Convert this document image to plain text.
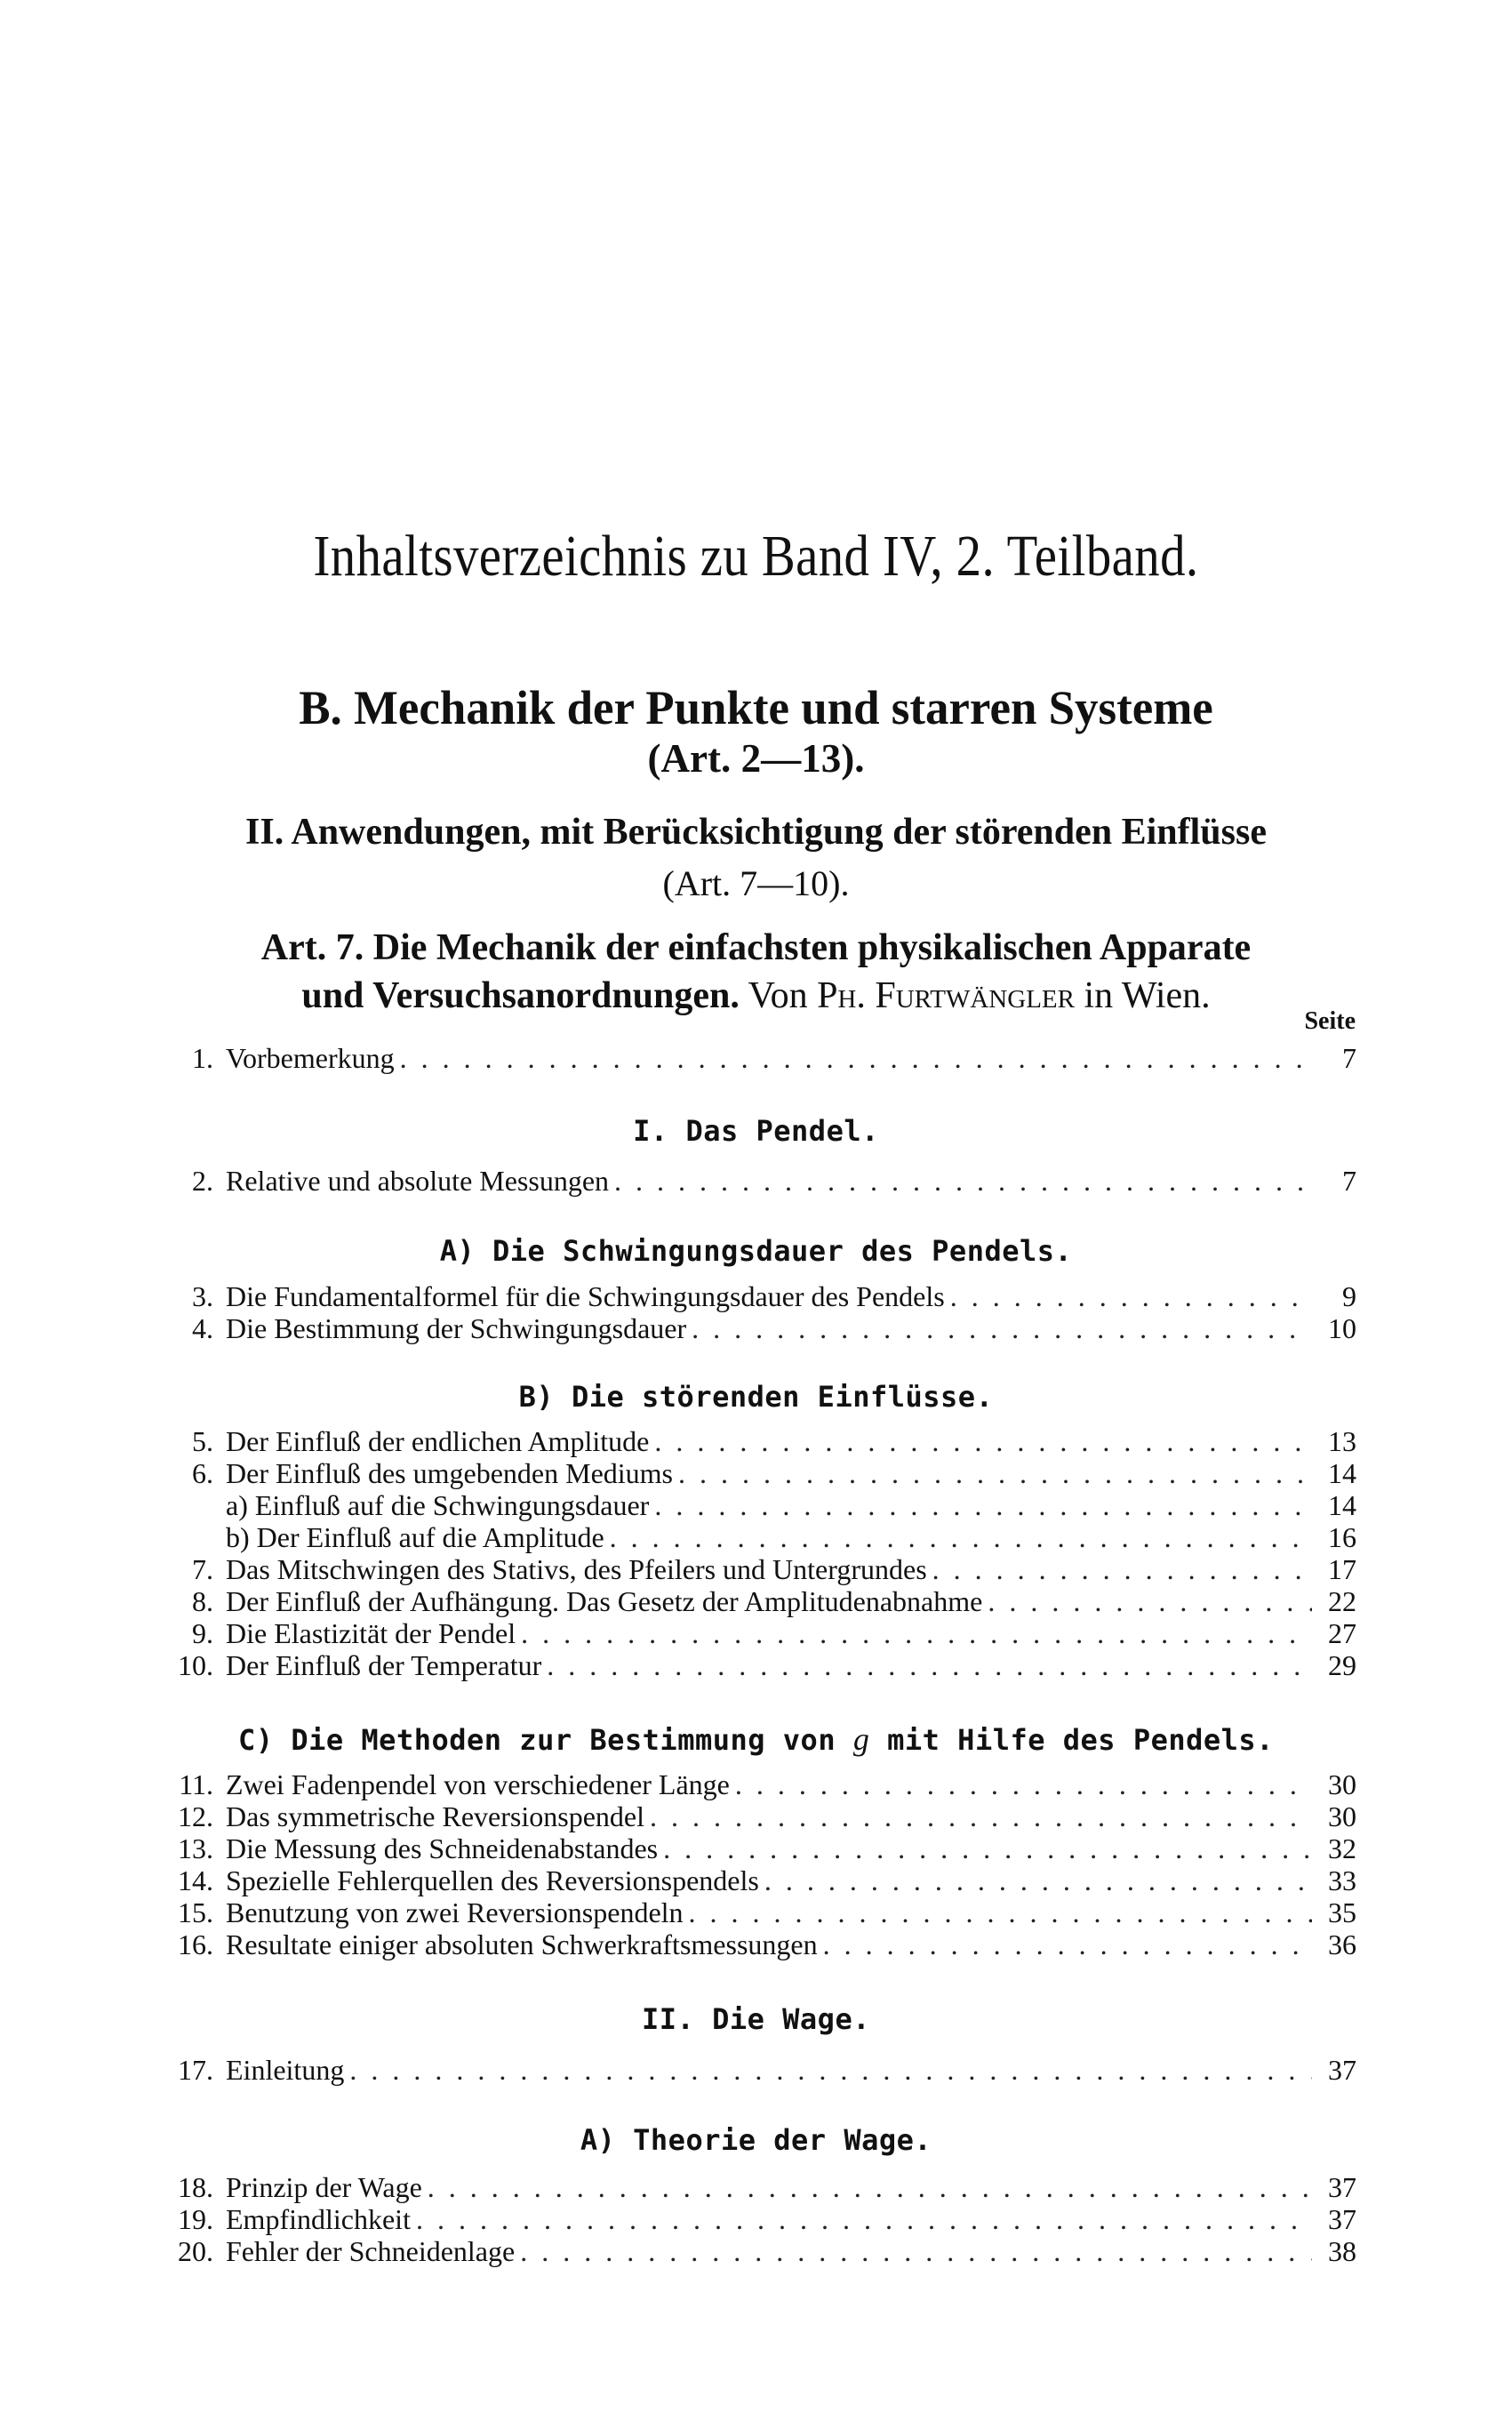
Inhaltsverzeichnis zu Band IV, 2. Teilband.
B. Mechanik der Punkte und starren Systeme
(Art. 2—13).
II. Anwendungen, mit Berücksichtigung der störenden Einflüsse
(Art. 7—10).
Art. 7. Die Mechanik der einfachsten physikalischen Apparate
und Versuchsanordnungen. Von Ph. Furtwängler in Wien.
Seite
1. Vorbemerkung . . .	7
I. Das Pendel.
2. Relative und absolute Messungen . . .	7
A) Die Schwingungsdauer des Pendels.
3. Die Fundamentalformel für die Schwingungsdauer des Pendels . . .	9
4. Die Bestimmung der Schwingungsdauer . . .	10
B) Die störenden Einflüsse.
5. Der Einfluß der endlichen Amplitude . . .	13
6. Der Einfluß des umgebenden Mediums . . .	14
a) Einfluß auf die Schwingungsdauer . . .	14
b) Der Einfluß auf die Amplitude . . .	16
7. Das Mitschwingen des Stativs, des Pfeilers und Untergrundes . . .	17
8. Der Einfluß der Aufhängung. Das Gesetz der Amplitudenabnahme . . .	22
9. Die Elastizität der Pendel . . .	27
10. Der Einfluß der Temperatur . . .	29
C) Die Methoden zur Bestimmung von g mit Hilfe des Pendels.
11. Zwei Fadenpendel von verschiedener Länge . . .	30
12. Das symmetrische Reversionspendel . . .	30
13. Die Messung des Schneidenabstandes . . .	32
14. Spezielle Fehlerquellen des Reversionspendels . . .	33
15. Benutzung von zwei Reversionspendeln . . .	35
16. Resultate einiger absoluten Schwerkraftsmessungen . . .	36
II. Die Wage.
17. Einleitung . . .	37
A) Theorie der Wage.
18. Prinzip der Wage . . .	37
19. Empfindlichkeit . . .	37
20. Fehler der Schneidenlage . . .	38
